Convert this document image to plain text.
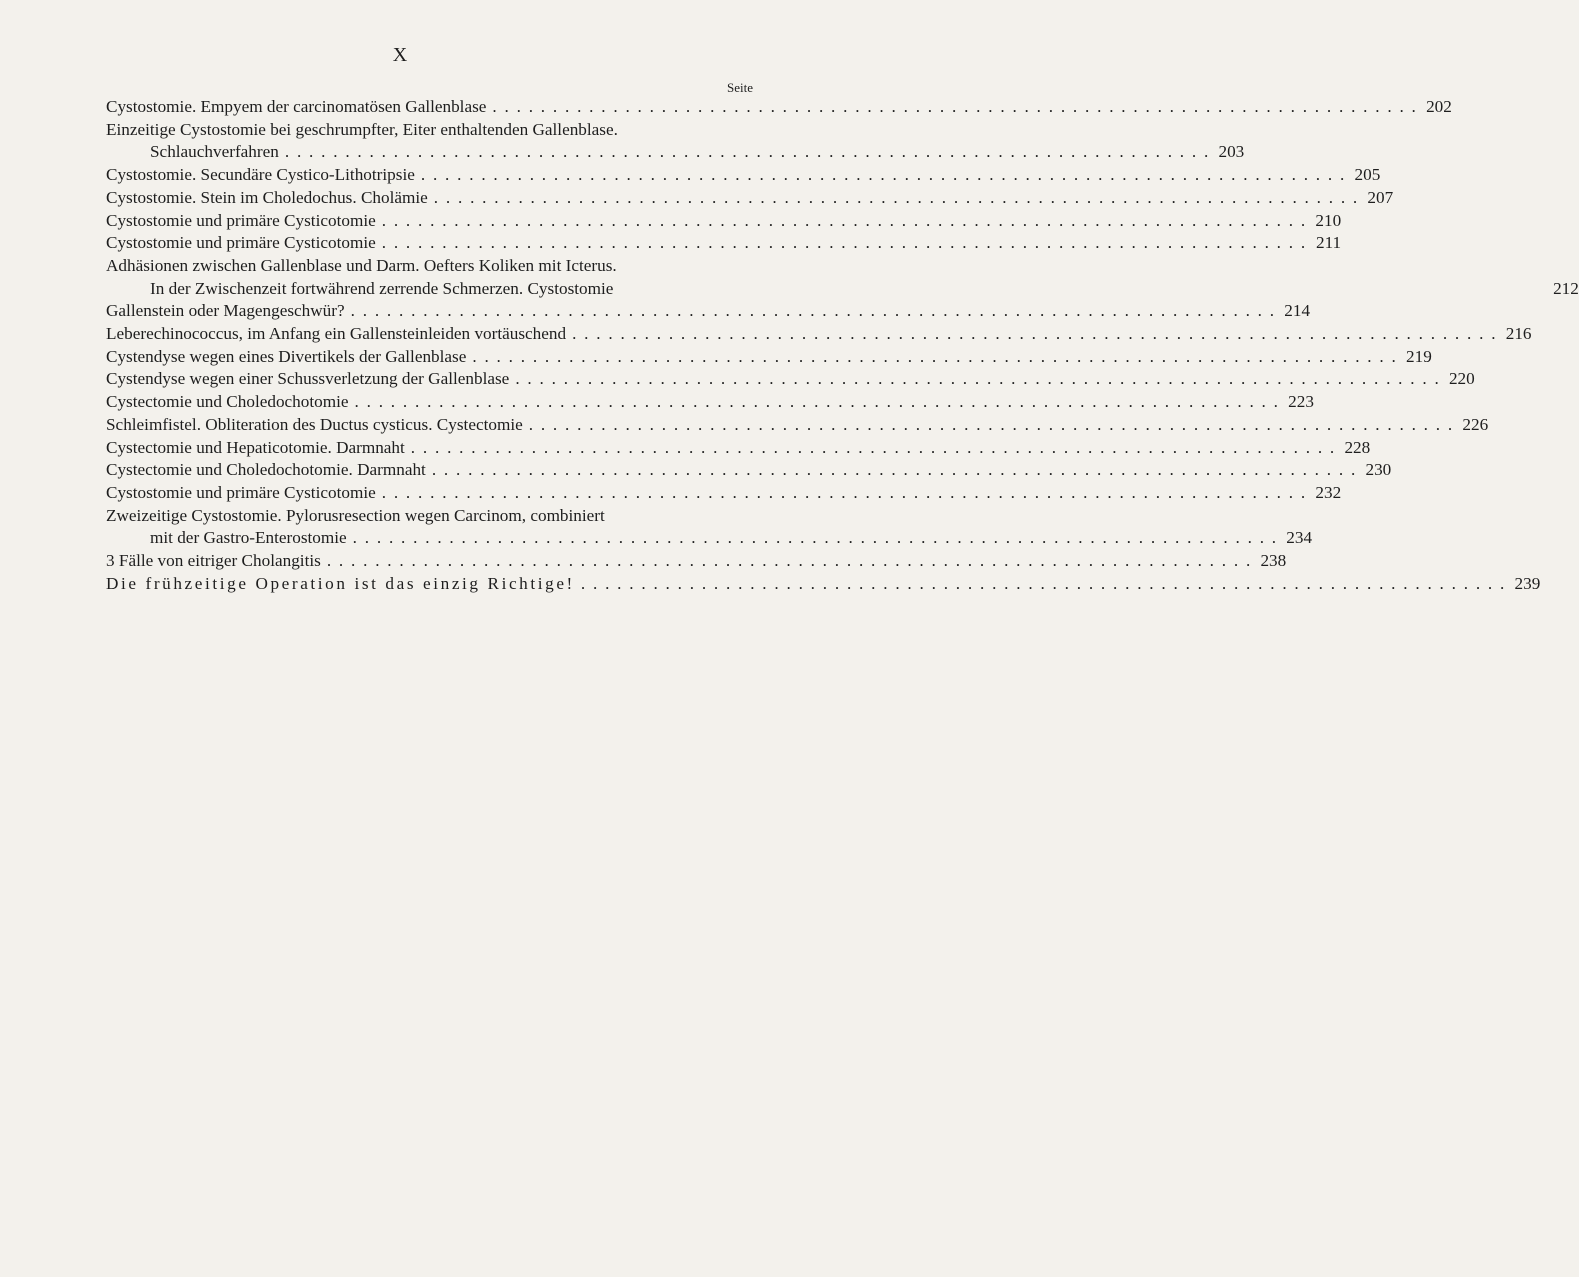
X
Seite
Cystostomie. Empyem der carcinomatösen Gallenblase . . .	202
Einzeitige Cystostomie bei geschrumpfter, Eiter enthaltenden Gallenblase.
Schlauchverfahren . . .	203
Cystostomie. Secundäre Cystico-Lithotripsie . . .	205
Cystostomie. Stein im Choledochus. Cholämie . . .	207
Cystostomie und primäre Cysticotomie . . .	210
Cystostomie und primäre Cysticotomie . . .	211
Adhäsionen zwischen Gallenblase und Darm. Oefters Koliken mit Icterus.
In der Zwischenzeit fortwährend zerrende Schmerzen. Cystostomie	212
Gallenstein oder Magengeschwür? . . .	214
Leberechinococcus, im Anfang ein Gallensteinleiden vortäuschend . . .	216
Cystendyse wegen eines Divertikels der Gallenblase . . .	219
Cystendyse wegen einer Schussverletzung der Gallenblase . . .	220
Cystectomie und Choledochotomie . . .	223
Schleimfistel. Obliteration des Ductus cysticus. Cystectomie . . .	226
Cystectomie und Hepaticotomie. Darmnaht . . .	228
Cystectomie und Choledochotomie. Darmnaht . . .	230
Cystostomie und primäre Cysticotomie . . .	232
Zweizeitige Cystostomie. Pylorusresection wegen Carcinom, combiniert
mit der Gastro-Enterostomie . . .	234
3 Fälle von eitriger Cholangitis . . .	238
Die frühzeitige Operation ist das einzig Richtige! . . .	239
